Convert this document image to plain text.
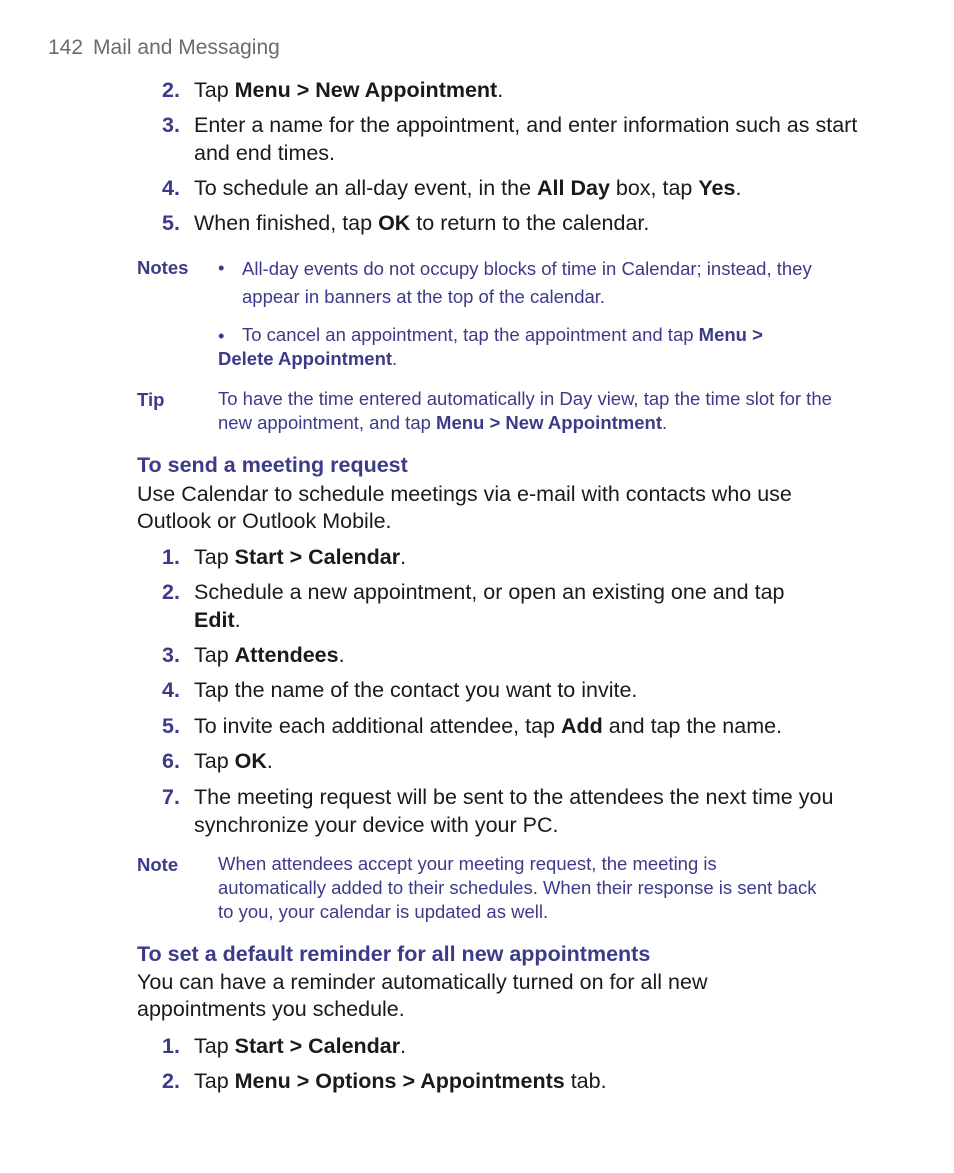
142 Mail and Messaging
2. Tap Menu > New Appointment.
3. Enter a name for the appointment, and enter information such as start and end times.
4. To schedule an all-day event, in the All Day box, tap Yes.
5. When finished, tap OK to return to the calendar.
Notes • All-day events do not occupy blocks of time in Calendar; instead, they appear in banners at the top of the calendar.
• To cancel an appointment, tap the appointment and tap Menu >
Delete Appointment.
Tip	To have the time entered automatically in Day view, tap the time slot for the new appointment, and tap Menu > New Appointment.
To send a meeting request
Use Calendar to schedule meetings via e-mail with contacts who use Outlook or Outlook Mobile.
1. Tap Start > Calendar.
2. Schedule a new appointment, or open an existing one and tap Edit.
3. Tap Attendees.
4. Tap the name of the contact you want to invite.
5. To invite each additional attendee, tap Add and tap the name.
6. Tap OK.
7. The meeting request will be sent to the attendees the next time you synchronize your device with your PC.
Note When attendees accept your meeting request, the meeting is automatically added to their schedules. When their response is sent back to you, your calendar is updated as well.
To set a default reminder for all new appointments
You can have a reminder automatically turned on for all new appointments you schedule.
1. Tap Start > Calendar.
2. Tap Menu > Options > Appointments tab.
